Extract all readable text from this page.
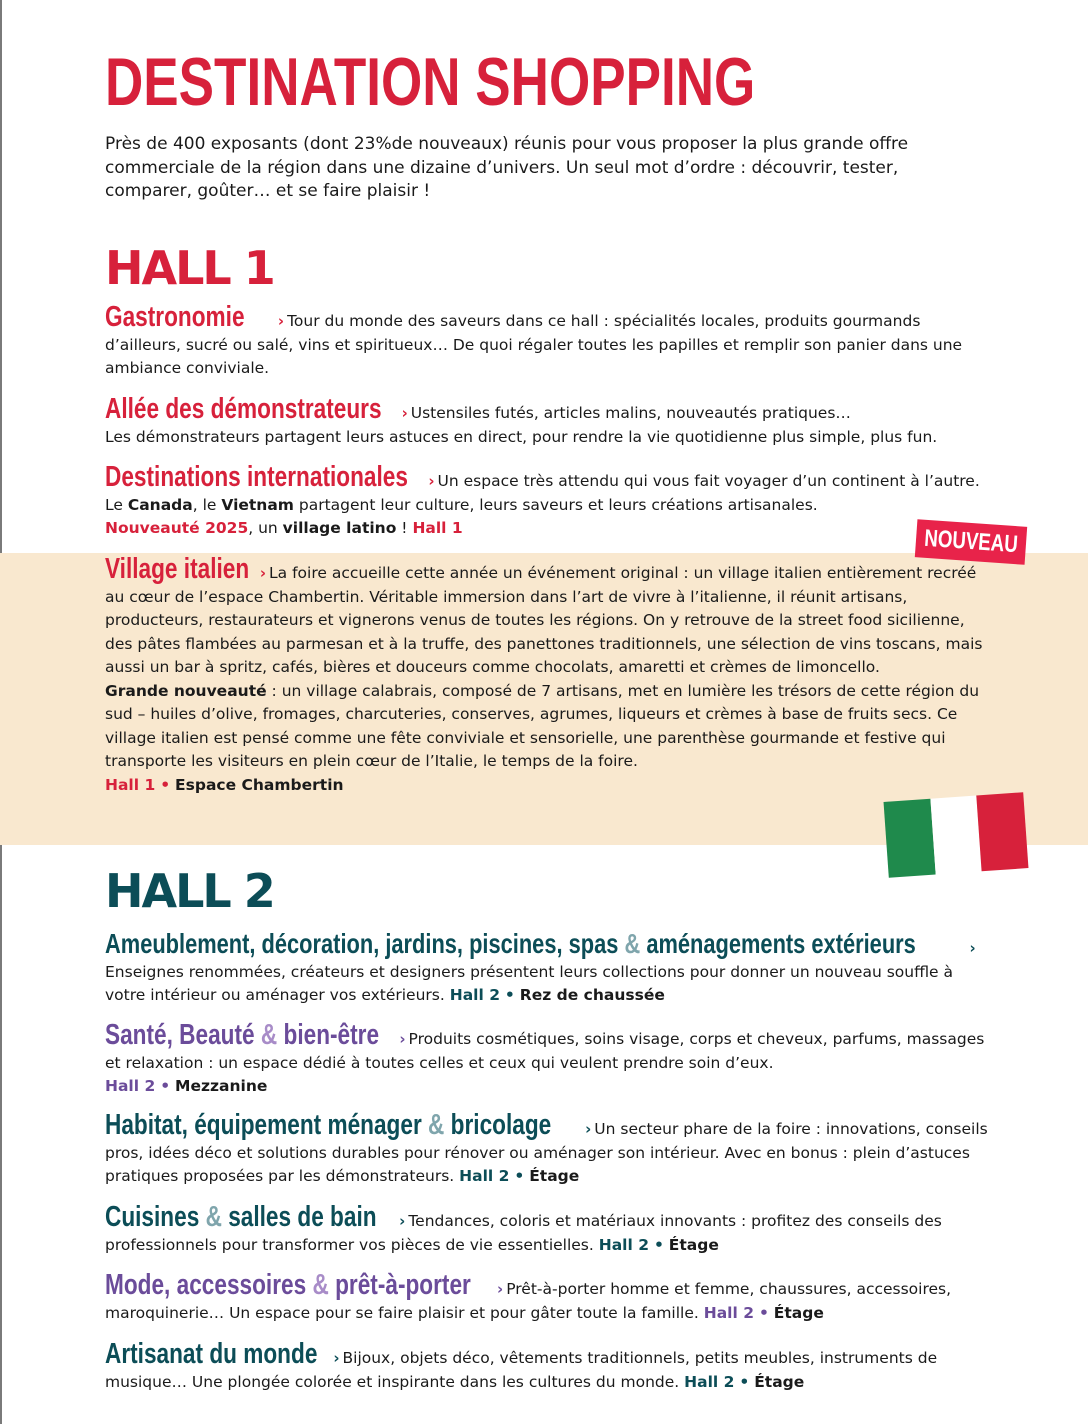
DESTINATION SHOPPING

Près de 400 exposants (dont 23%de nouveaux) réunis pour vous proposer la plus grande offre commerciale de la région dans une dizaine d’univers. Un seul mot d’ordre : découvrir, tester, comparer, goûter… et se faire plaisir !

HALL 1

Gastronomie › Tour du monde des saveurs dans ce hall : spécialités locales, produits gourmands d’ailleurs, sucré ou salé, vins et spiritueux… De quoi régaler toutes les papilles et remplir son panier dans une ambiance conviviale.

Allée des démonstrateurs › Ustensiles futés, articles malins, nouveautés pratiques…
Les démonstrateurs partagent leurs astuces en direct, pour rendre la vie quotidienne plus simple, plus fun.

Destinations internationales › Un espace très attendu qui vous fait voyager d’un continent à l’autre. Le Canada, le Vietnam partagent leur culture, leurs saveurs et leurs créations artisanales.
Nouveauté 2025, un village latino ! Hall 1	NOUVEAU

Village italien › La foire accueille cette année un événement original : un village italien entièrement recréé au cœur de l’espace Chambertin. Véritable immersion dans l’art de vivre à l’italienne, il réunit artisans, producteurs, restaurateurs et vignerons venus de toutes les régions. On y retrouve de la street food sicilienne, des pâtes flambées au parmesan et à la truffe, des panettones traditionnels, une sélection de vins toscans, mais aussi un bar à spritz, cafés, bières et douceurs comme chocolats, amaretti et crèmes de limoncello.
Grande nouveauté : un village calabrais, composé de 7 artisans, met en lumière les trésors de cette région du sud – huiles d’olive, fromages, charcuteries, conserves, agrumes, liqueurs et crèmes à base de fruits secs. Ce village italien est pensé comme une fête conviviale et sensorielle, une parenthèse gourmande et festive qui transporte les visiteurs en plein cœur de l’Italie, le temps de la foire.
Hall 1 • Espace Chambertin

HALL 2

Ameublement, décoration, jardins, piscines, spas & aménagements extérieurs	›
Enseignes renommées, créateurs et designers présentent leurs collections pour donner un nouveau souffle à votre intérieur ou aménager vos extérieurs. Hall 2 • Rez de chaussée

Santé, Beauté & bien-être › Produits cosmétiques, soins visage, corps et cheveux, parfums, massages et relaxation : un espace dédié à toutes celles et ceux qui veulent prendre soin d’eux.
Hall 2 • Mezzanine

Habitat, équipement ménager & bricolage › Un secteur phare de la foire : innovations, conseils pros, idées déco et solutions durables pour rénover ou aménager son intérieur. Avec en bonus : plein d’astuces pratiques proposées par les démonstrateurs. Hall 2 • Étage

Cuisines & salles de bain › Tendances, coloris et matériaux innovants : profitez des conseils des professionnels pour transformer vos pièces de vie essentielles. Hall 2 • Étage

Mode, accessoires & prêt-à-porter › Prêt-à-porter homme et femme, chaussures, accessoires, maroquinerie… Un espace pour se faire plaisir et pour gâter toute la famille. Hall 2 • Étage

Artisanat du monde › Bijoux, objets déco, vêtements traditionnels, petits meubles, instruments de musique… Une plongée colorée et inspirante dans les cultures du monde. Hall 2 • Étage
